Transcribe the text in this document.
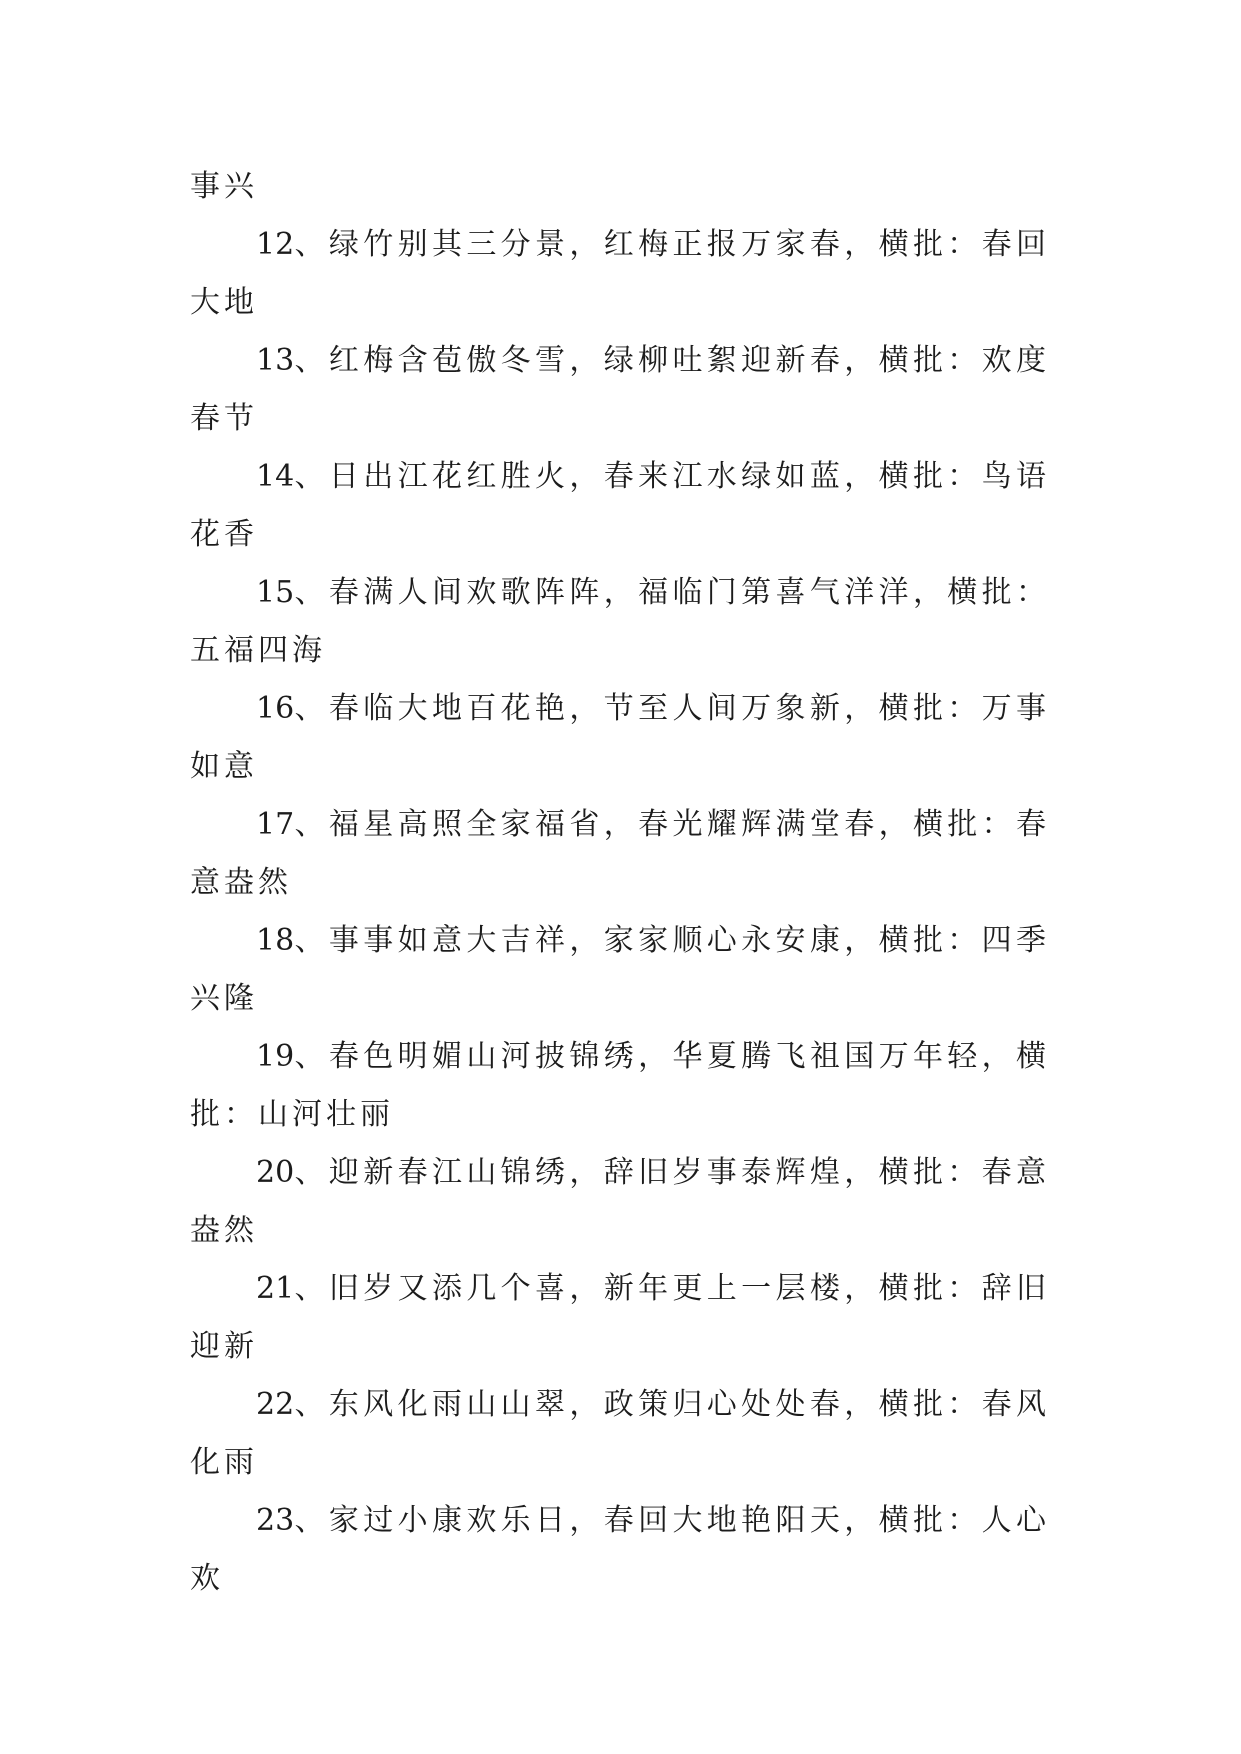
事兴

12、绿竹别其三分景，红梅正报万家春，横批：春回大地

13、红梅含苞傲冬雪，绿柳吐絮迎新春，横批：欢度春节

14、日出江花红胜火，春来江水绿如蓝，横批：鸟语花香

15、春满人间欢歌阵阵，福临门第喜气洋洋，横批：五福四海

16、春临大地百花艳，节至人间万象新，横批：万事如意

17、福星高照全家福省，春光耀辉满堂春，横批：春意盎然

18、事事如意大吉祥，家家顺心永安康，横批：四季兴隆

19、春色明媚山河披锦绣，华夏腾飞祖国万年轻，横批：山河壮丽

20、迎新春江山锦绣，辞旧岁事泰辉煌，横批：春意盎然

21、旧岁又添几个喜，新年更上一层楼，横批：辞旧迎新

22、东风化雨山山翠，政策归心处处春，横批：春风化雨

23、家过小康欢乐日，春回大地艳阳天，横批：人心欢
